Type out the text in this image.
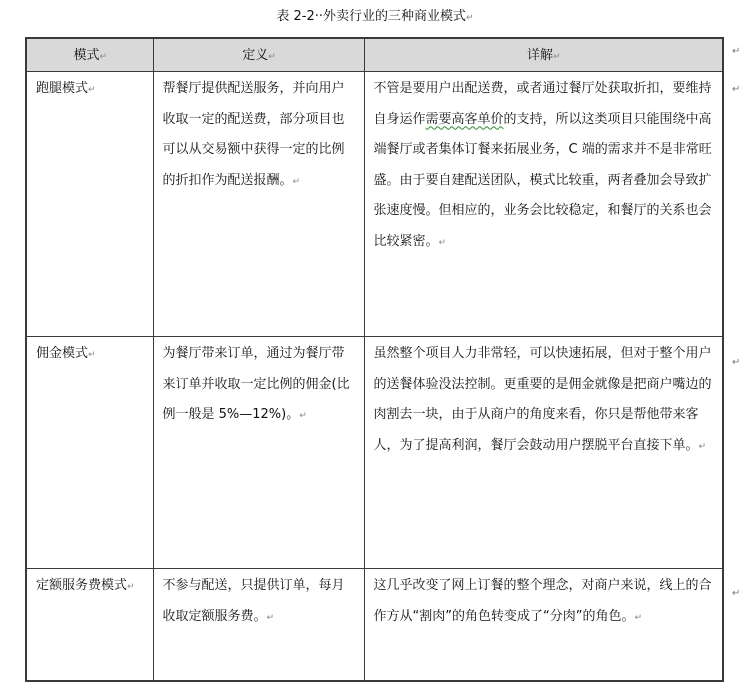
表 2-2··外卖行业的三种商业模式↵
模式↵	定义↵	详解↵
跑腿模式↵	帮餐厅提供配送服务，并向用户收取一定的配送费，部分项目也可以从交易额中获得一定的比例的折扣作为配送报酬。↵	不管是要用户出配送费，或者通过餐厅处获取折扣，要维持自身运作需要高客单价的支持，所以这类项目只能围绕中高端餐厅或者集体订餐来拓展业务，C 端的需求并不是非常旺盛。由于要自建配送团队，模式比较重，两者叠加会导致扩张速度慢。但相应的，业务会比较稳定，和餐厅的关系也会比较紧密。↵
佣金模式↵	为餐厅带来订单，通过为餐厅带来订单并收取一定比例的佣金(比例一般是 5%—12%)。↵	虽然整个项目人力非常轻，可以快速拓展，但对于整个用户的送餐体验没法控制。更重要的是佣金就像是把商户嘴边的肉割去一块，由于从商户的角度来看，你只是帮他带来客人，为了提高利润，餐厅会鼓动用户摆脱平台直接下单。↵
定额服务费模式↵	不参与配送，只提供订单，每月收取定额服务费。↵	这几乎改变了网上订餐的整个理念，对商户来说，线上的合作方从“割肉”的角色转变成了“分肉”的角色。↵
↵
↵
↵
↵
